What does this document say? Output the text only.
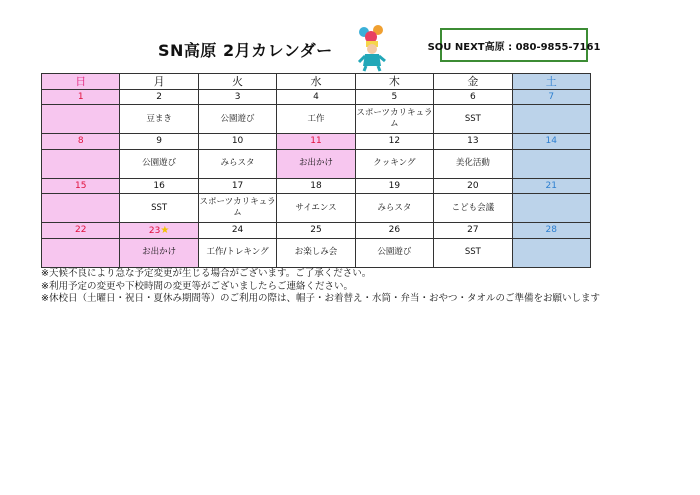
SN高原 2月カレンダー	SOU NEXT高原 : 080-9855-7161
日	月	火	水	木	金	土
1	2	3	4	5	6	7
	豆まき	公園遊び	工作	スポーツカリキュラム	SST	
8	9	10	11	12	13	14
	公園遊び	みらスタ	お出かけ	クッキング	美化活動	
15	16	17	18	19	20	21
	SST	スポーツカリキュラム	サイエンス	みらスタ	こども会議	
22	23★	24	25	26	27	28
	お出かけ	工作/トレキング	お楽しみ会	公園遊び	SST	
※天候不良により急な予定変更が生じる場合がございます。ご了承ください。
※利用予定の変更や下校時間の変更等がございましたらご連絡ください。
※休校日（土曜日・祝日・夏休み期間等）のご利用の際は、帽子・お着替え・水筒・弁当・おやつ・タオルのご準備をお願いします
